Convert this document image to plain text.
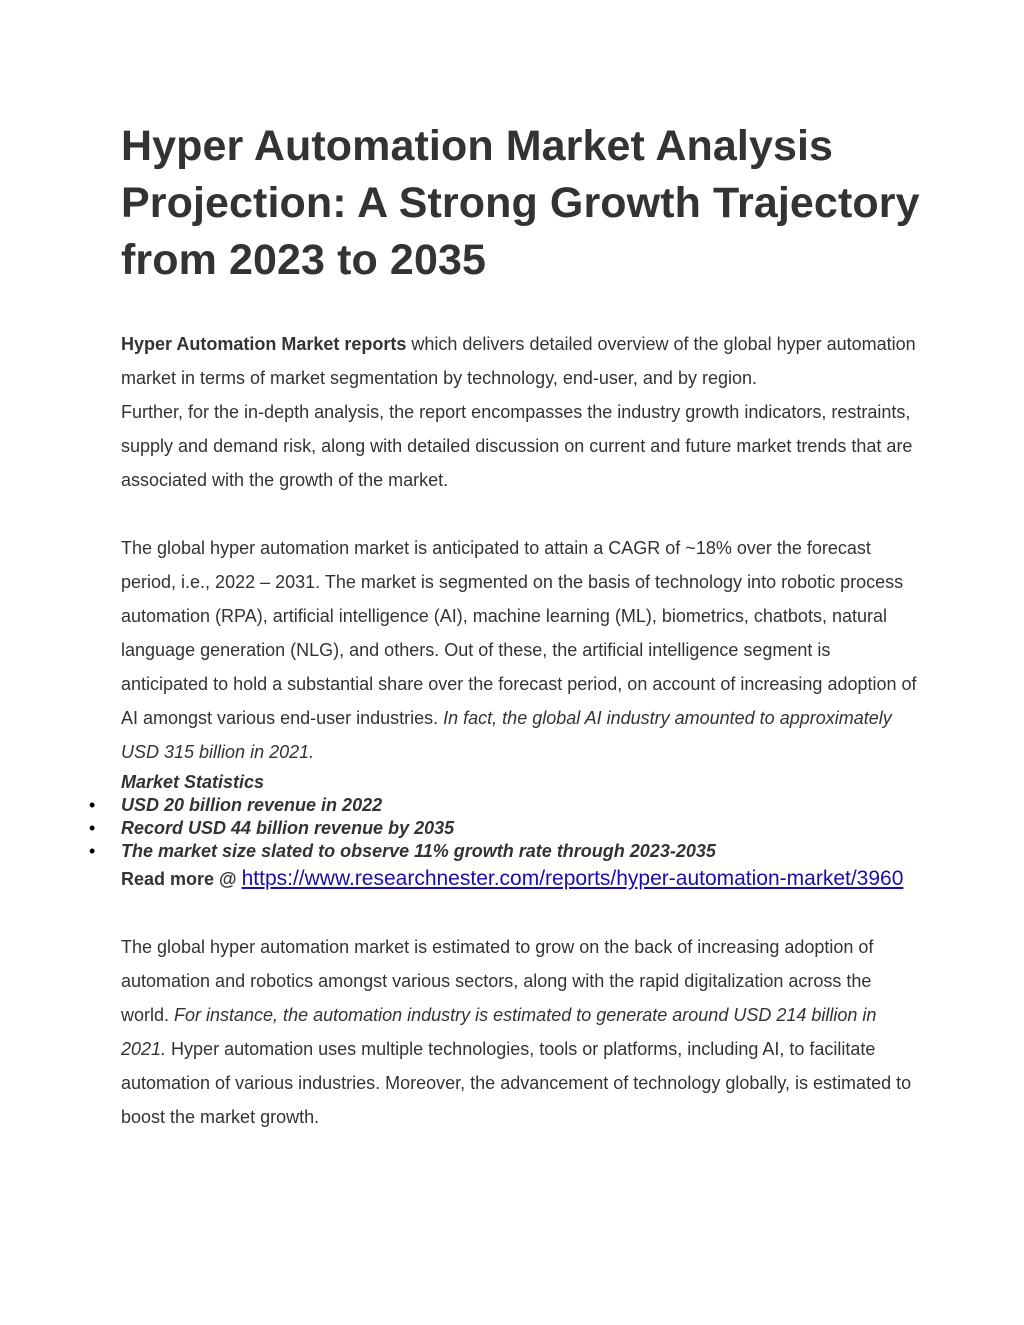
Hyper Automation Market Analysis Projection: A Strong Growth Trajectory from 2023 to 2035

Hyper Automation Market reports which delivers detailed overview of the global hyper automation market in terms of market segmentation by technology, end-user, and by region.

Further, for the in-depth analysis, the report encompasses the industry growth indicators, restraints, supply and demand risk, along with detailed discussion on current and future market trends that are associated with the growth of the market.

The global hyper automation market is anticipated to attain a CAGR of ~18% over the forecast period, i.e., 2022 – 2031. The market is segmented on the basis of technology into robotic process automation (RPA), artificial intelligence (AI), machine learning (ML), biometrics, chatbots, natural language generation (NLG), and others. Out of these, the artificial intelligence segment is anticipated to hold a substantial share over the forecast period, on account of increasing adoption of AI amongst various end-user industries. In fact, the global AI industry amounted to approximately USD 315 billion in 2021.

Market Statistics
• USD 20 billion revenue in 2022
• Record USD 44 billion revenue by 2035
• The market size slated to observe 11% growth rate through 2023-2035
Read more @ https://www.researchnester.com/reports/hyper-automation-market/3960

The global hyper automation market is estimated to grow on the back of increasing adoption of automation and robotics amongst various sectors, along with the rapid digitalization across the world. For instance, the automation industry is estimated to generate around USD 214 billion in 2021. Hyper automation uses multiple technologies, tools or platforms, including AI, to facilitate automation of various industries. Moreover, the advancement of technology globally, is estimated to boost the market growth.
